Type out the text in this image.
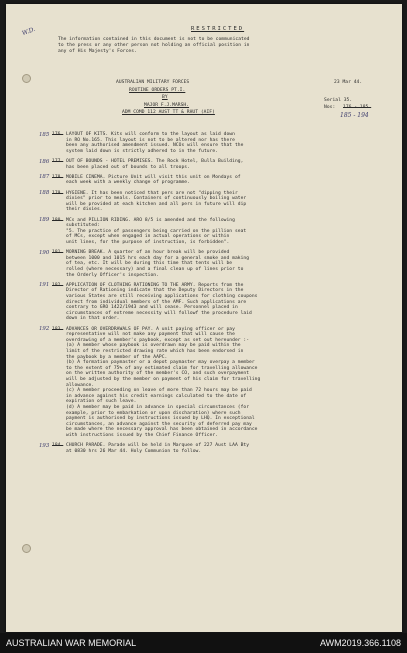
W.D.	RESTRICTED
23 Mar 44.
Serial 35.
Nos: 176 - 185.
185 - 194
The information contained in this document is not to be communicated
to the press or any other person not holding an official position in
any of His Majesty's Forces.
AUSTRALIAN MILITARY FORCES
ROUTINE ORDERS PT.I.
BY
MAJOR F.J.MARSH.
ADM COMD 112 AUST TT & RHUT (AIF)
185 176. LAYOUT OF KITS. Kits will conform to the layout as laid down
in RO No.165. This layout is not to be altered nor has there
been any authorised amendment issued. NCOs will ensure that the
system laid down is strictly adhered to in the future.
186 177. OUT OF BOUNDS - HOTEL PREMISES. The Rock Hotel, Bulla Building,
has been placed out of bounds to all troops.
187 178. MOBILE CINEMA. Picture Unit will visit this unit on Mondays of
each week with a weekly change of programme.
188 179. HYGIENE. It has been noticed that pers are not "dipping their
dixies" prior to meals. Containers of continuously boiling water
will be provided at each kitchen and all pers in future will dip
their dixies.
189 180. MCs and PILLION RIDING. ARO 8/5 is amended and the following
substituted:
"5. The practice of passengers being carried on the pillion seat
of MCs, except when engaged in actual operations or within
unit lines, for the purpose of instruction, is forbidden".
190 181. MORNING BREAK. A quarter of an hour break will be provided
between 1000 and 1015 hrs each day for a general smoke and making
of tea, etc. It will be during this time that tents will be
rolled (where necessary) and a final clean up of lines prior to
the Orderly Officer's inspection.
191 182. APPLICATION OF CLOTHING RATIONING TO THE ARMY. Reports from the
Director of Rationing indicate that the Deputy Directors in the
various States are still receiving applications for clothing coupons
direct from individual members of the AMF. Such applications are
contrary to GRO 1422/1943 and will cease. Personnel placed in
circumstances of extreme necessity will followf the procedure laid
down in that order.
192 183. ADVANCES OR OVERDRAWALS OF PAY. A unit paying officer or pay
representative will not make any payment that will cause the
overdrawing of a member's paybook, except as set out hereunder :-
(a) A member whose paybook is overdrawn may be paid within the
limit of the restricted drawing rate which has been endorsed in
the paybook by a member of the AAPC.
(b) A formation paymaster or a depot paymaster may overpay a member
to the extent of 75% of any estimated claim for travelling allowance
on the written authority of the member's CO, and such overpayment
will be adjusted by the member on payment of his claim for travelling
allowance.
(c) A member proceeding on leave of more than 72 hours may be paid
in advance against his credit earnings calculated to the date of
expiration of such leave.
(d) A member may be paid in advance in special circumstances (for
example, prior to embarkation or upon discharation) where such
payment is authorised by instructions issued by LHQ. In exceptional
circumstances, an advance against the security of deferred pay may
be made where the necessary approval has been obtained in accordance
with instructions issued by the Chief Finance Officer.
193 184. CHURCH PARADE. Parade will be held in Marquee of 227 Aust LAA Bty
at 0830 hrs 26 Mar 44. Holy Communion to follow.
AUSTRALIAN WAR MEMORIAL	AWM2019.366.1108
